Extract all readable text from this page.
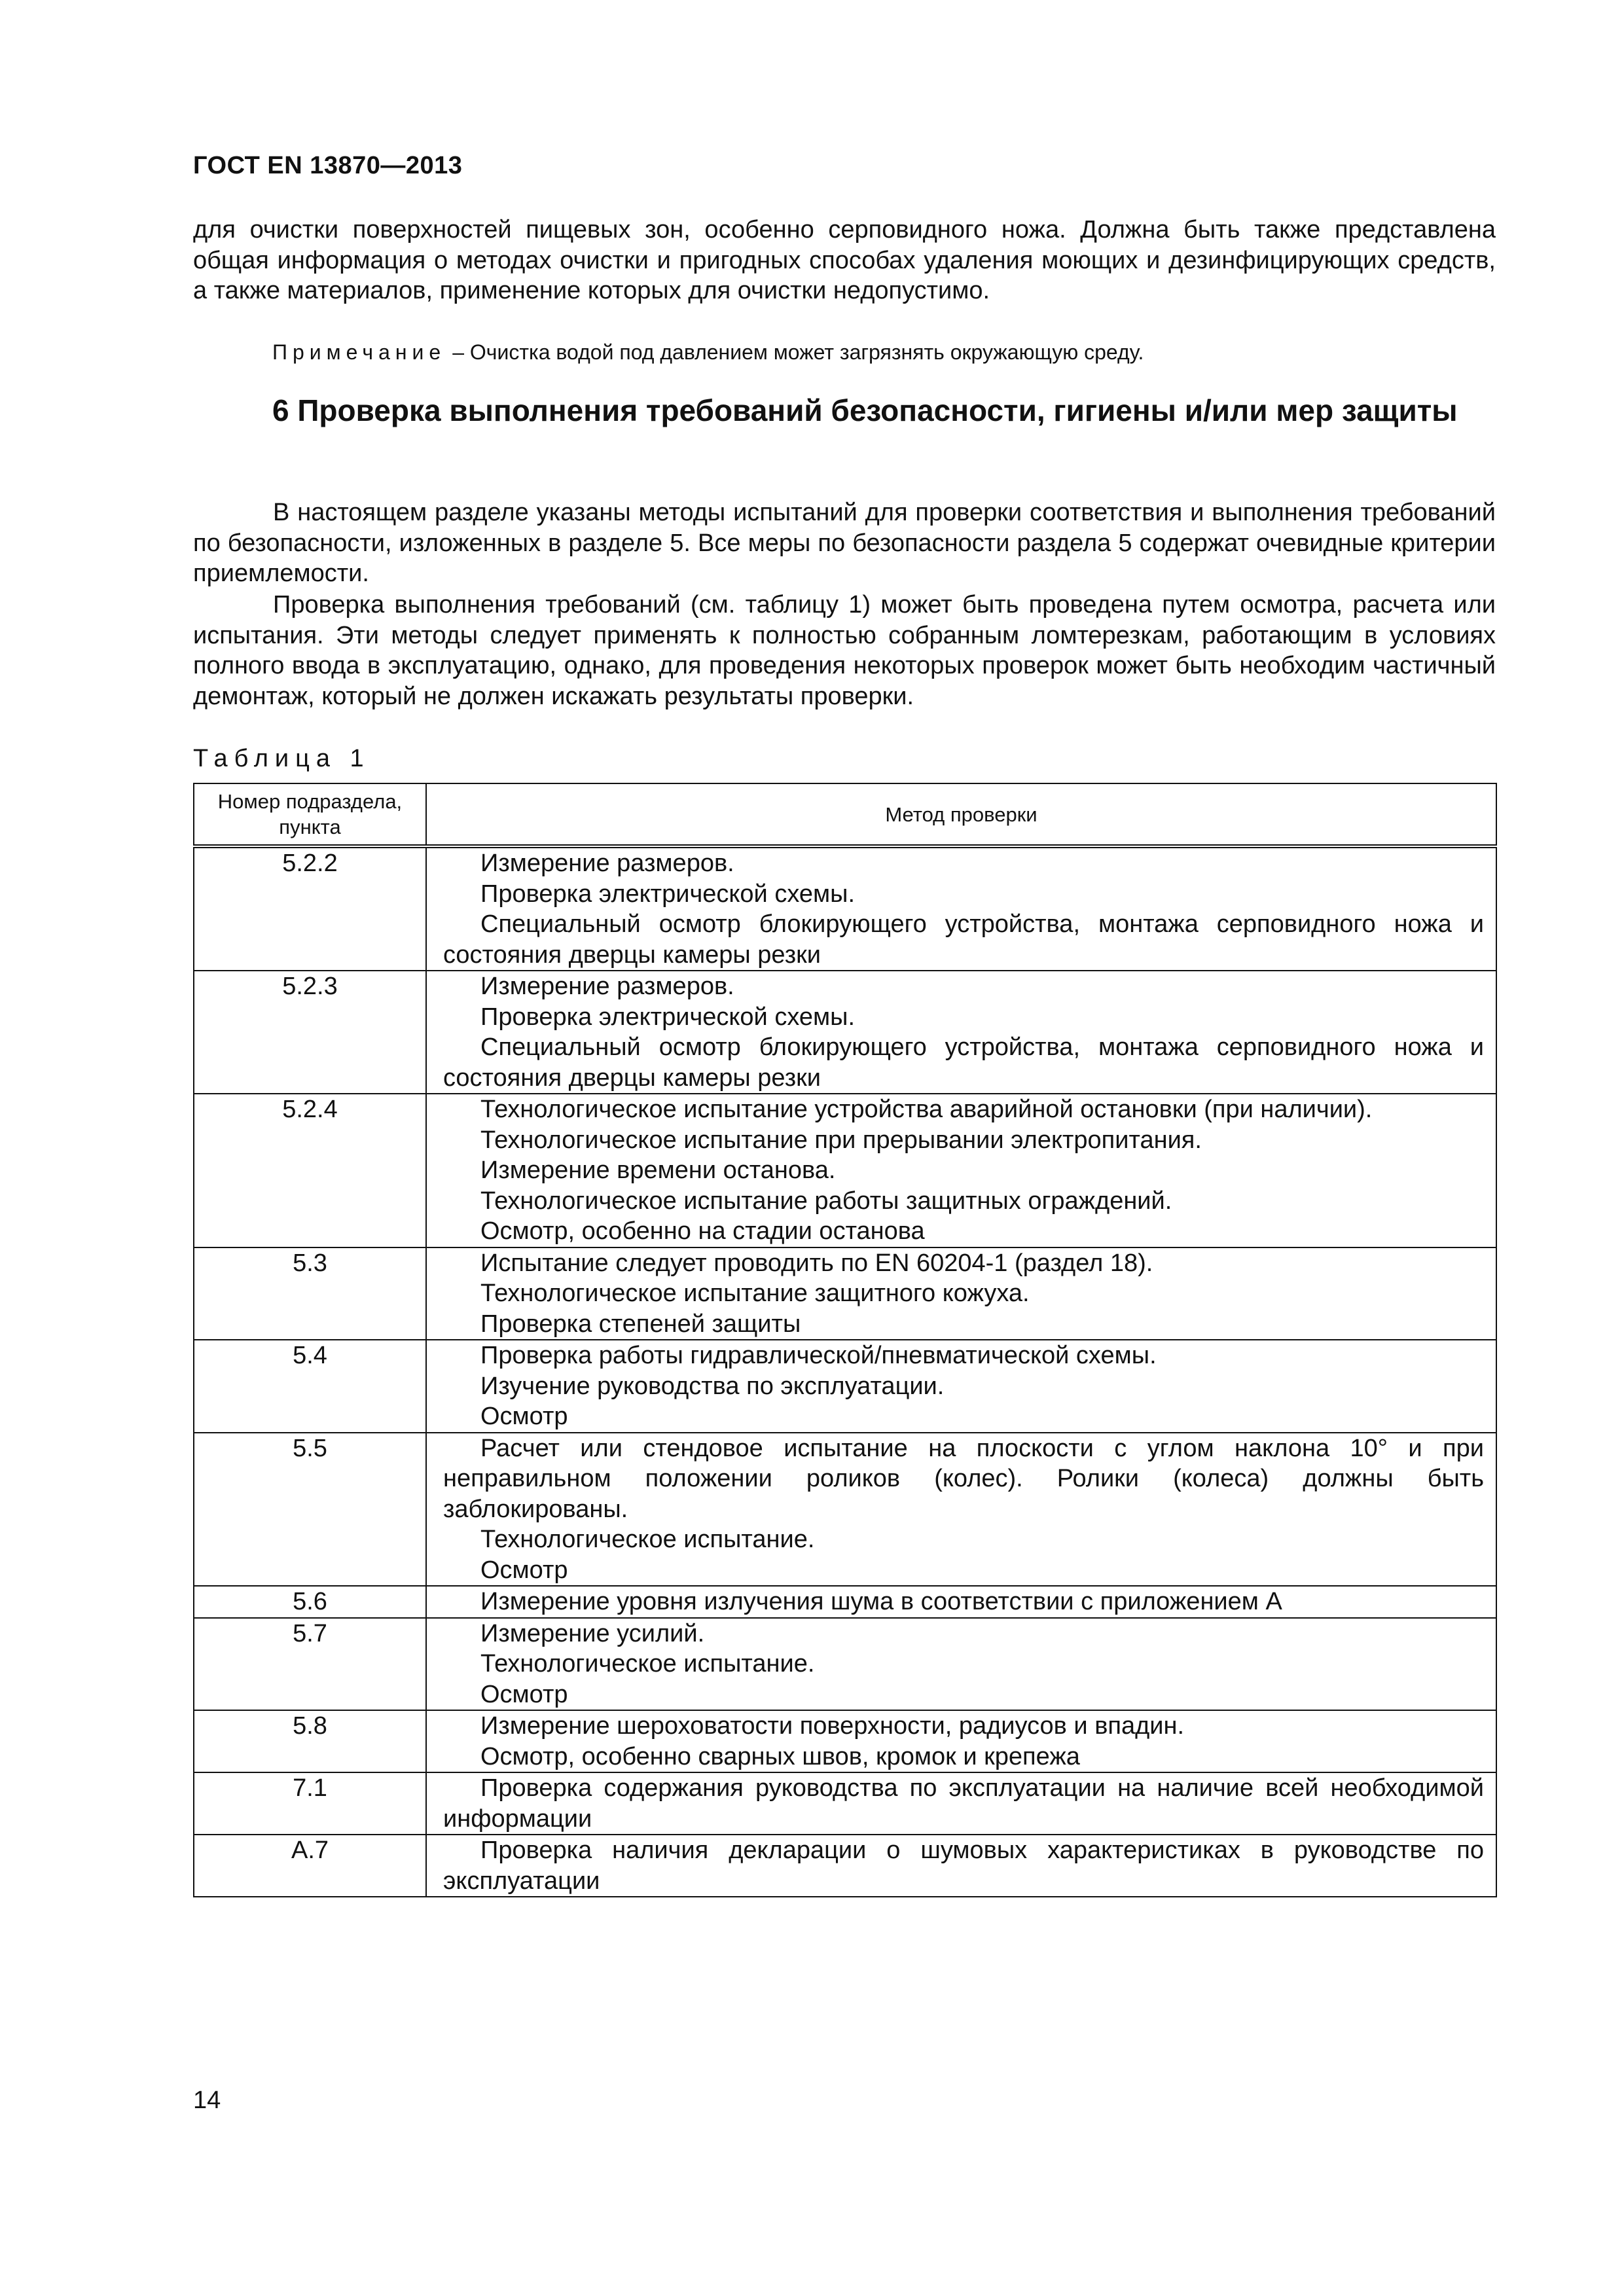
ГОСТ EN 13870—2013
для очистки поверхностей пищевых зон, особенно серповидного ножа. Должна быть также представлена общая информация о методах очистки и пригодных способах удаления моющих и дезинфицирующих средств, а также материалов, применение которых для очистки недопустимо.
Примечание – Очистка водой под давлением может загрязнять окружающую среду.
6 Проверка выполнения требований безопасности, гигиены и/или мер защиты
В настоящем разделе указаны методы испытаний для проверки соответствия и выполнения требований по безопасности, изложенных в разделе 5. Все меры по безопасности раздела 5 содержат очевидные критерии приемлемости.
Проверка выполнения требований (см. таблицу 1) может быть проведена путем осмотра, расчета или испытания. Эти методы следует применять к полностью собранным ломтерезкам, работающим в условиях полного ввода в эксплуатацию, однако, для проведения некоторых проверок может быть необходим частичный демонтаж, который не должен искажать результаты проверки.
Таблица 1
Номер подраздела, пункта	Метод проверки
5.2.2	Измерение размеров.
Проверка электрической схемы.
Специальный осмотр блокирующего устройства, монтажа серповидного ножа и состояния дверцы камеры резки

5.2.3	Измерение размеров.
Проверка электрической схемы.
Специальный осмотр блокирующего устройства, монтажа серповидного ножа и состояния дверцы камеры резки

5.2.4	Технологическое испытание устройства аварийной остановки (при наличии).
Технологическое испытание при прерывании электропитания.
Измерение времени останова.
Технологическое испытание работы защитных ограждений.
Осмотр, особенно на стадии останова

5.3	Испытание следует проводить по EN 60204-1 (раздел 18).
Технологическое испытание защитного кожуха.
Проверка степеней защиты

5.4	Проверка работы гидравлической/пневматической схемы.
Изучение руководства по эксплуатации.
Осмотр

5.5	Расчет или стендовое испытание на плоскости с углом наклона 10° и при неправильном положении роликов (колес). Ролики (колеса) должны быть заблокированы.
Технологическое испытание.
Осмотр

5.6	Измерение уровня излучения шума в соответствии с приложением А

5.7	Измерение усилий.
Технологическое испытание.
Осмотр

5.8	Измерение шероховатости поверхности, радиусов и впадин.
Осмотр, особенно сварных швов, кромок и крепежа

7.1	Проверка содержания руководства по эксплуатации на наличие всей необходимой информации

А.7	Проверка наличия декларации о шумовых характеристиках в руководстве по эксплуатации
14
